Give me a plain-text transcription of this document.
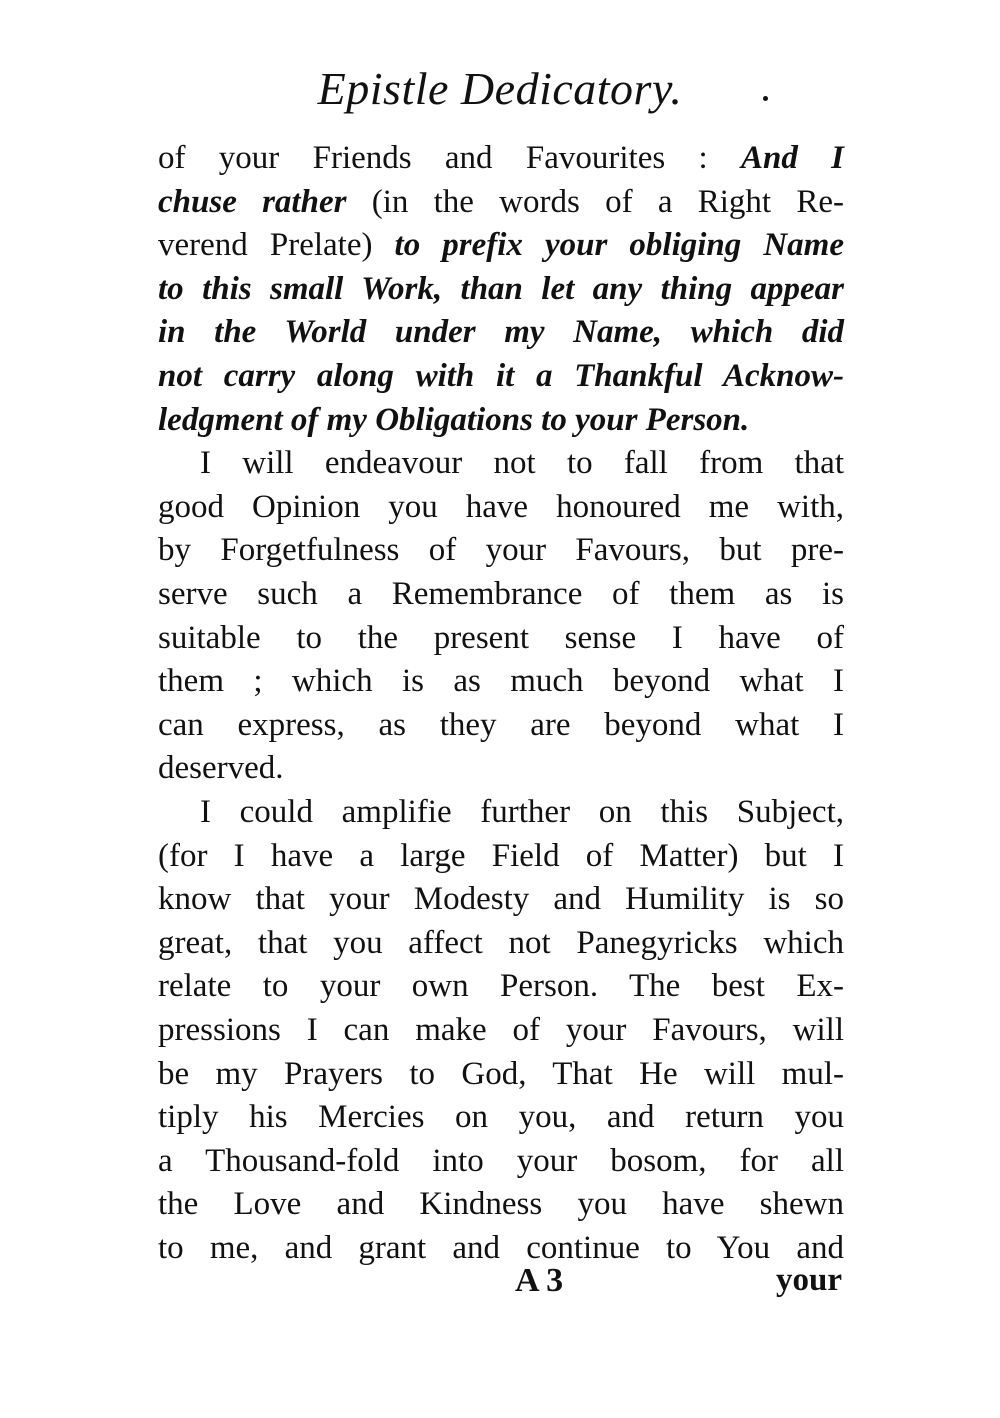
Epistle Dedicatory.
of your Friends and Favourites : And I
chuse rather (in the words of a Right Re-
verend Prelate) to prefix your obliging Name
to this small Work, than let any thing appear
in the World under my Name, which did
not carry along with it a Thankful Acknow-
ledgment of my Obligations to your Person.
I will endeavour not to fall from that
good Opinion you have honoured me with,
by Forgetfulness of your Favours, but pre-
serve such a Remembrance of them as is
suitable to the present sense I have of
them ; which is as much beyond what I
can express, as they are beyond what I
deserved.
I could amplifie further on this Subject,
(for I have a large Field of Matter) but I
know that your Modesty and Humility is so
great, that you affect not Panegyricks which
relate to your own Person. The best Ex-
pressions I can make of your Favours, will
be my Prayers to God, That He will mul-
tiply his Mercies on you, and return you
a Thousand-fold into your bosom, for all
the Love and Kindness you have shewn
to me, and grant and continue to You and
A 3	your
